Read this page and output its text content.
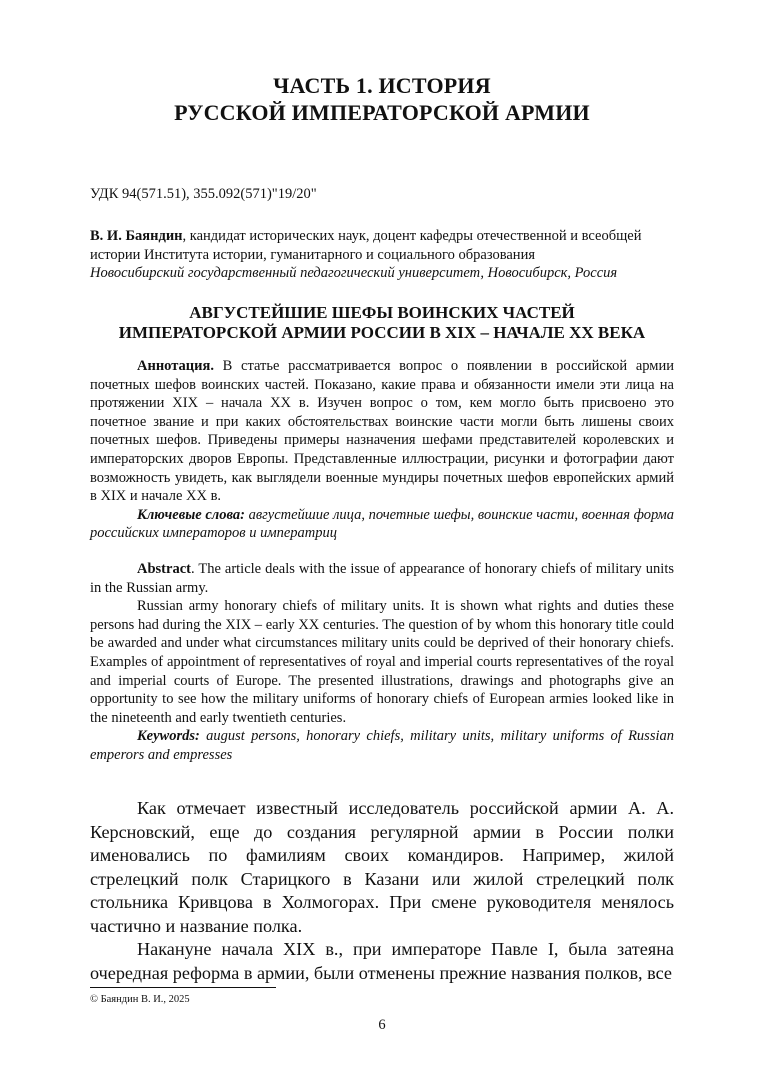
ЧАСТЬ 1. ИСТОРИЯ
РУССКОЙ ИМПЕРАТОРСКОЙ АРМИИ
УДК 94(571.51), 355.092(571)"19/20"
В. И. Баяндин, кандидат исторических наук, доцент кафедры отечественной и всеобщей истории Института истории, гуманитарного и социального образования
Новосибирский государственный педагогический университет, Новосибирск, Россия
АВГУСТЕЙШИЕ ШЕФЫ ВОИНСКИХ ЧАСТЕЙ
ИМПЕРАТОРСКОЙ АРМИИ РОССИИ В XIX – НАЧАЛЕ XX ВЕКА

Аннотация. В статье рассматривается вопрос о появлении в российской армии почетных шефов воинских частей. Показано, какие права и обязанности имели эти лица на протяжении XIX – начала XX в. Изучен вопрос о том, кем могло быть присвоено это почетное звание и при каких обстоятельствах воинские части могли быть лишены своих почетных шефов. Приведены примеры назначения шефами представителей королевских и императорских дворов Европы. Представленные иллюстрации, рисунки и фотографии дают возможность увидеть, как выглядели военные мундиры почетных шефов европейских армий в XIX и начале XX в.

Ключевые слова: августейшие лица, почетные шефы, воинские части, военная форма российских императоров и императриц

Abstract. The article deals with the issue of appearance of honorary chiefs of military units in the Russian army.

Russian army honorary chiefs of military units. It is shown what rights and duties these persons had during the XIX – early XX centuries. The question of by whom this honorary title could be awarded and under what circumstances military units could be deprived of their honorary chiefs. Examples of appointment of representatives of royal and imperial courts representatives of the royal and imperial courts of Europe. The presented illustrations, drawings and photographs give an opportunity to see how the military uniforms of honorary chiefs of European armies looked like in the nineteenth and early twentieth centuries.

Keywords: august persons, honorary chiefs, military units, military uniforms of Russian emperors and empresses

Как отмечает известный исследователь российской армии А. А. Керсновский, еще до создания регулярной армии в России полки именовались по фамилиям своих командиров. Например, жилой стрелецкий полк Старицкого в Казани или жилой стрелецкий полк стольника Кривцова в Холмогорах. При смене руководителя менялось частично и название полка.

Накануне начала XIX в., при императоре Павле I, была затеяна очередная реформа в армии, были отменены прежние названия полков, все

© Баяндин В. И., 2025
6
